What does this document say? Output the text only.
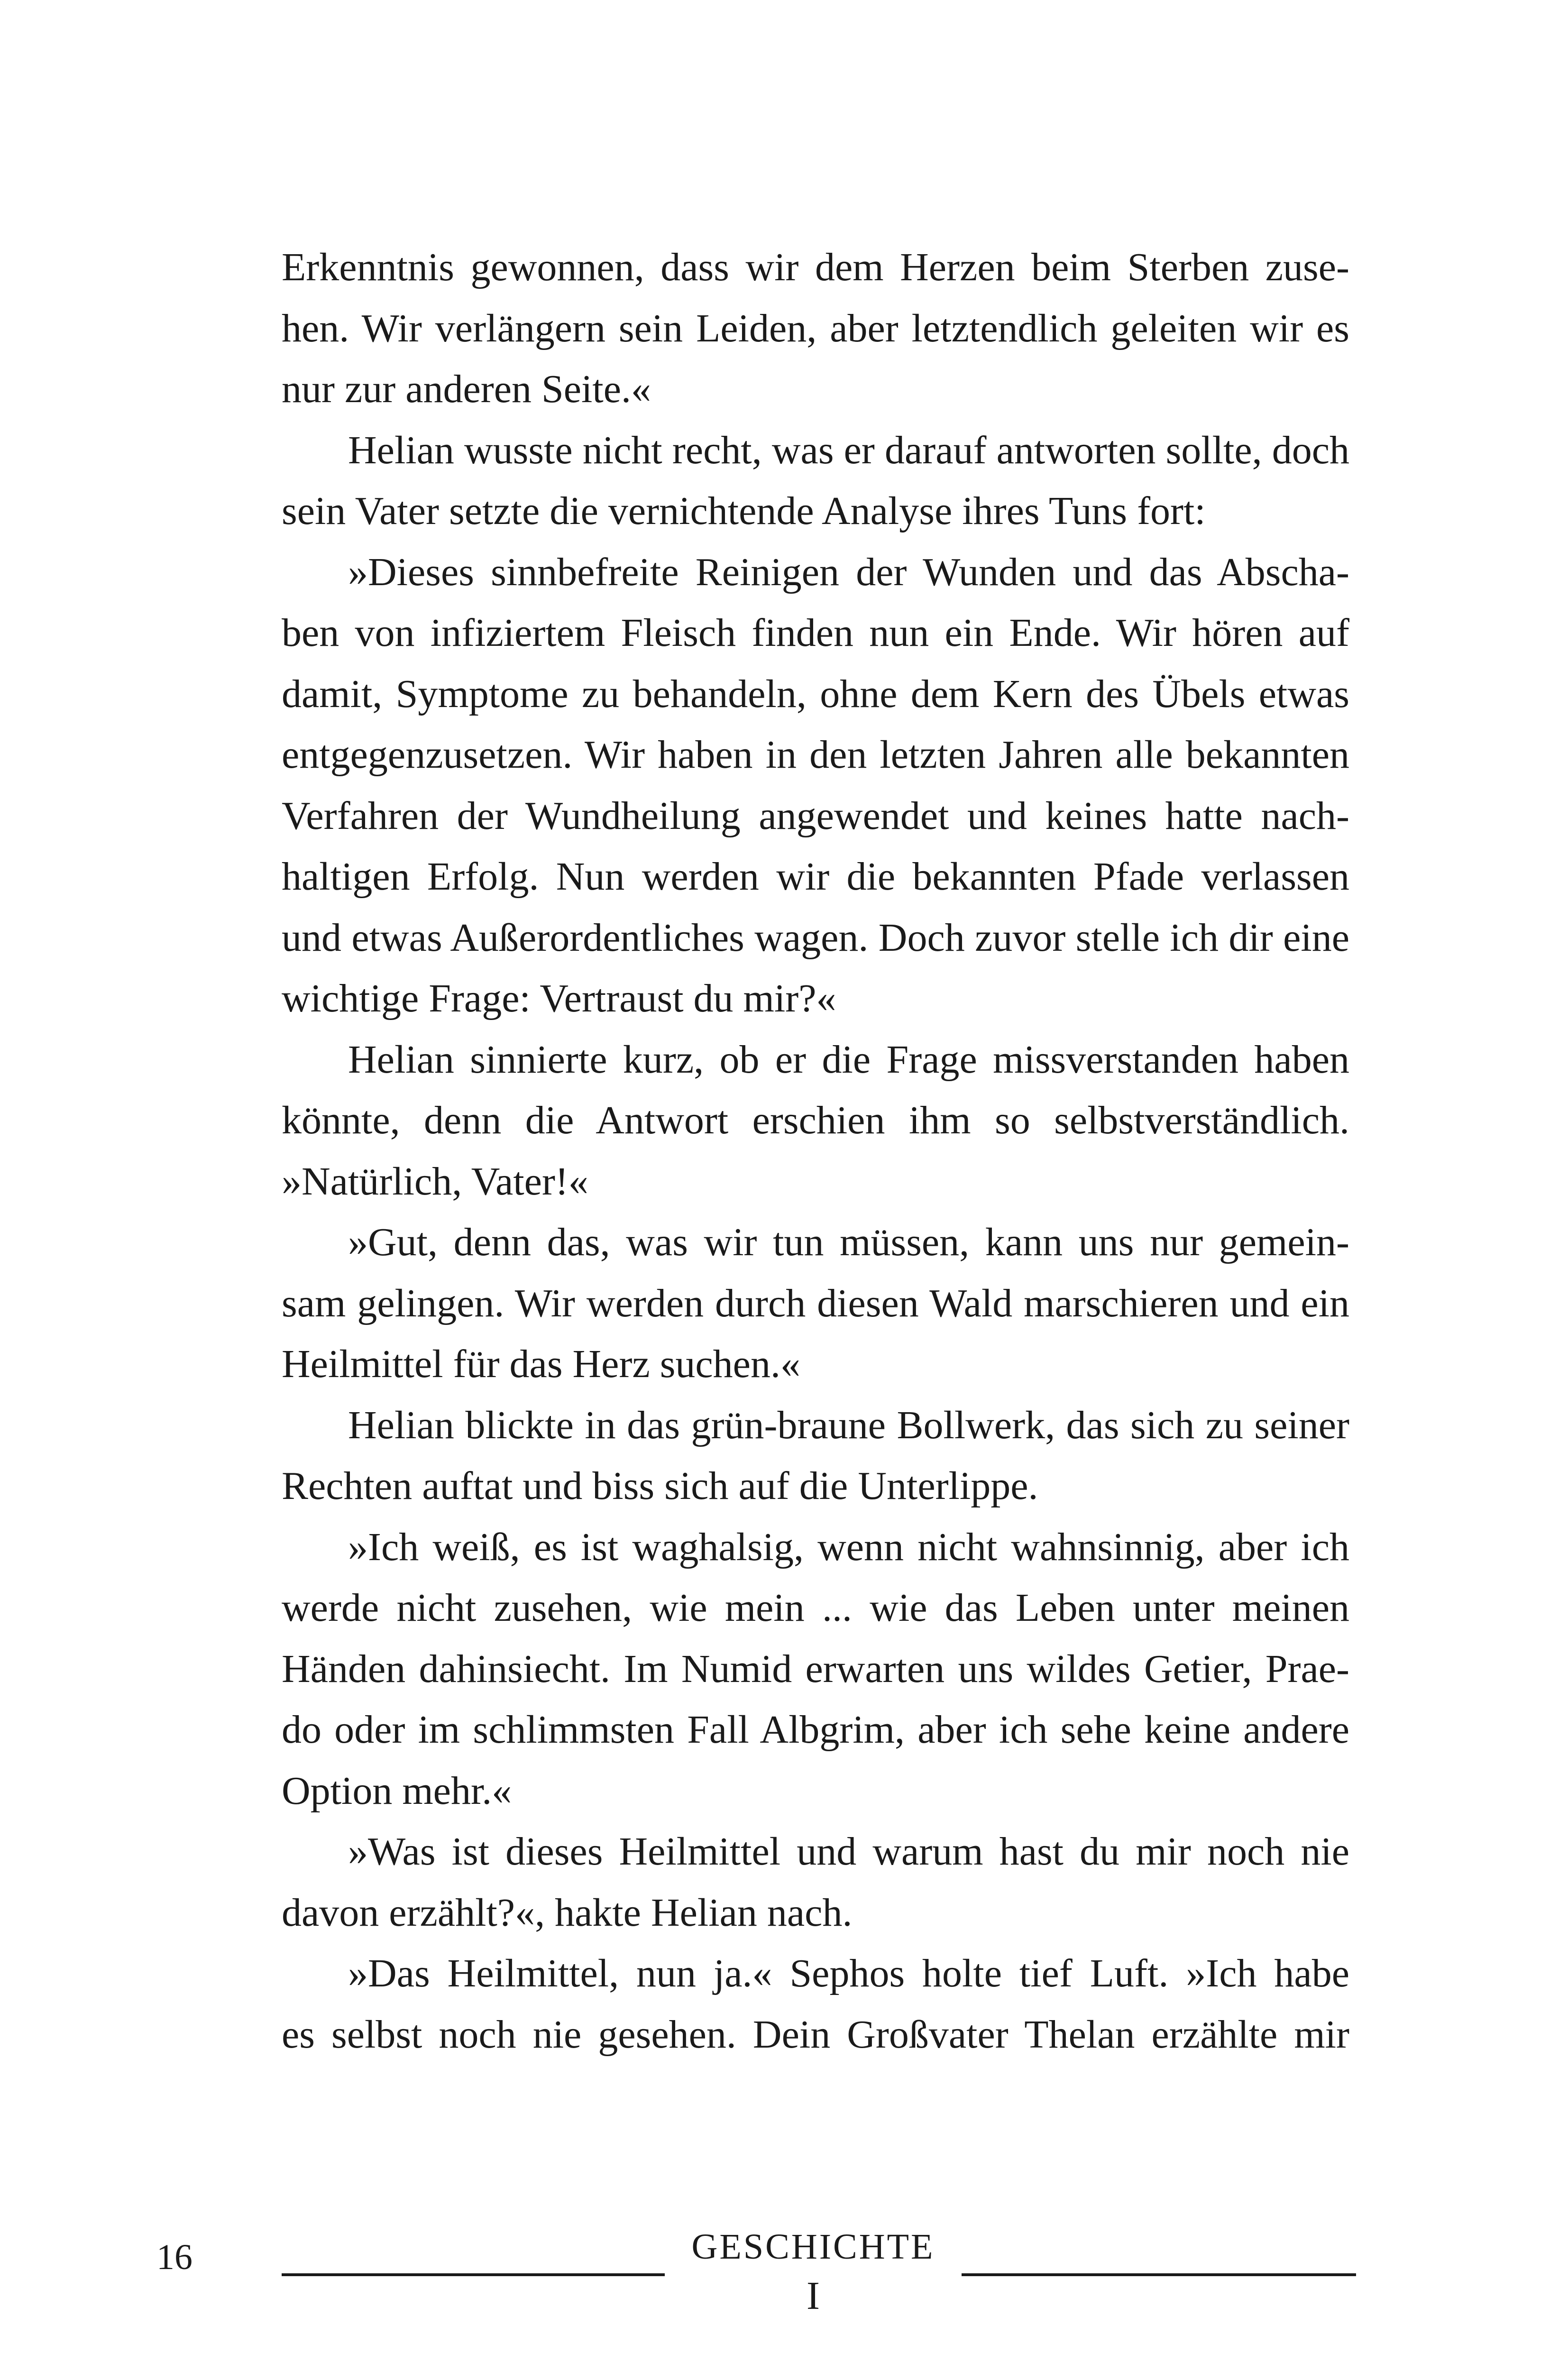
Erkenntnis gewonnen, dass wir dem Herzen beim Sterben zuse-
hen. Wir verlängern sein Leiden, aber letztendlich geleiten wir es
nur zur anderen Seite.«
Helian wusste nicht recht, was er darauf antworten sollte, doch
sein Vater setzte die vernichtende Analyse ihres Tuns fort:
»Dieses sinnbefreite Reinigen der Wunden und das Abscha-
ben von infiziertem Fleisch finden nun ein Ende. Wir hören auf
damit, Symptome zu behandeln, ohne dem Kern des Übels etwas
entgegenzusetzen. Wir haben in den letzten Jahren alle bekannten
Verfahren der Wundheilung angewendet und keines hatte nach-
haltigen Erfolg. Nun werden wir die bekannten Pfade verlassen
und etwas Außerordentliches wagen. Doch zuvor stelle ich dir eine
wichtige Frage: Vertraust du mir?«
Helian sinnierte kurz, ob er die Frage missverstanden haben
könnte, denn die Antwort erschien ihm so selbstverständlich.
»Natürlich, Vater!«
»Gut, denn das, was wir tun müssen, kann uns nur gemein-
sam gelingen. Wir werden durch diesen Wald marschieren und ein
Heilmittel für das Herz suchen.«
Helian blickte in das grün-braune Bollwerk, das sich zu seiner
Rechten auftat und biss sich auf die Unterlippe.
»Ich weiß, es ist waghalsig, wenn nicht wahnsinnig, aber ich
werde nicht zusehen, wie mein ... wie das Leben unter meinen
Händen dahinsiecht. Im Numid erwarten uns wildes Getier, Prae-
do oder im schlimmsten Fall Albgrim, aber ich sehe keine andere
Option mehr.«
»Was ist dieses Heilmittel und warum hast du mir noch nie
davon erzählt?«, hakte Helian nach.
»Das Heilmittel, nun ja.« Sephos holte tief Luft. »Ich habe
es selbst noch nie gesehen. Dein Großvater Thelan erzählte mir
16	GESCHICHTE
I
